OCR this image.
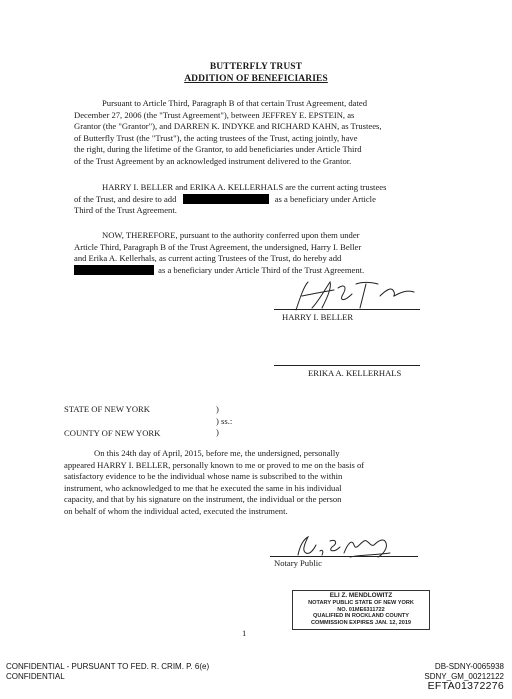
BUTTERFLY TRUST
ADDITION OF BENEFICIARIES
Pursuant to Article Third, Paragraph B of that certain Trust Agreement, dated
December 27, 2006 (the "Trust Agreement"), between JEFFREY E. EPSTEIN, as
Grantor (the "Grantor"), and DARREN K. INDYKE and RICHARD KAHN, as Trustees,
of Butterfly Trust (the "Trust"), the acting trustees of the Trust, acting jointly, have
the right, during the lifetime of the Grantor, to add beneficiaries under Article Third
of the Trust Agreement by an acknowledged instrument delivered to the Grantor.
HARRY I. BELLER and ERIKA A. KELLERHALS are the current acting trustees
of the Trust, and desire to add	as a beneficiary under Article
Third of the Trust Agreement.
NOW, THEREFORE, pursuant to the authority conferred upon them under
Article Third, Paragraph B of the Trust Agreement, the undersigned, Harry I. Beller
and Erika A. Kellerhals, as current acting Trustees of the Trust, do hereby add
as a beneficiary under Article Third of the Trust Agreement.
HARRY I. BELLER
ERIKA A. KELLERHALS
STATE OF NEW YORK
COUNTY OF NEW YORK
)
) ss.:
)
On this 24th day of April, 2015, before me, the undersigned, personally
appeared HARRY I. BELLER, personally known to me or proved to me on the basis of
satisfactory evidence to be the individual whose name is subscribed to the within
instrument, who acknowledged to me that he executed the same in his individual
capacity, and that by his signature on the instrument, the individual or the person
on behalf of whom the individual acted, executed the instrument.
Notary Public
ELI Z. MENDLOWITZ
NOTARY PUBLIC STATE OF NEW YORK
NO. 01ME6311722
QUALIFIED IN ROCKLAND COUNTY
COMMISSION EXPIRES JAN. 12, 2019
1
CONFIDENTIAL - PURSUANT TO FED. R. CRIM. P. 6(e)
CONFIDENTIAL
DB-SDNY-0065938
SDNY_GM_00212122
EFTA01372276
